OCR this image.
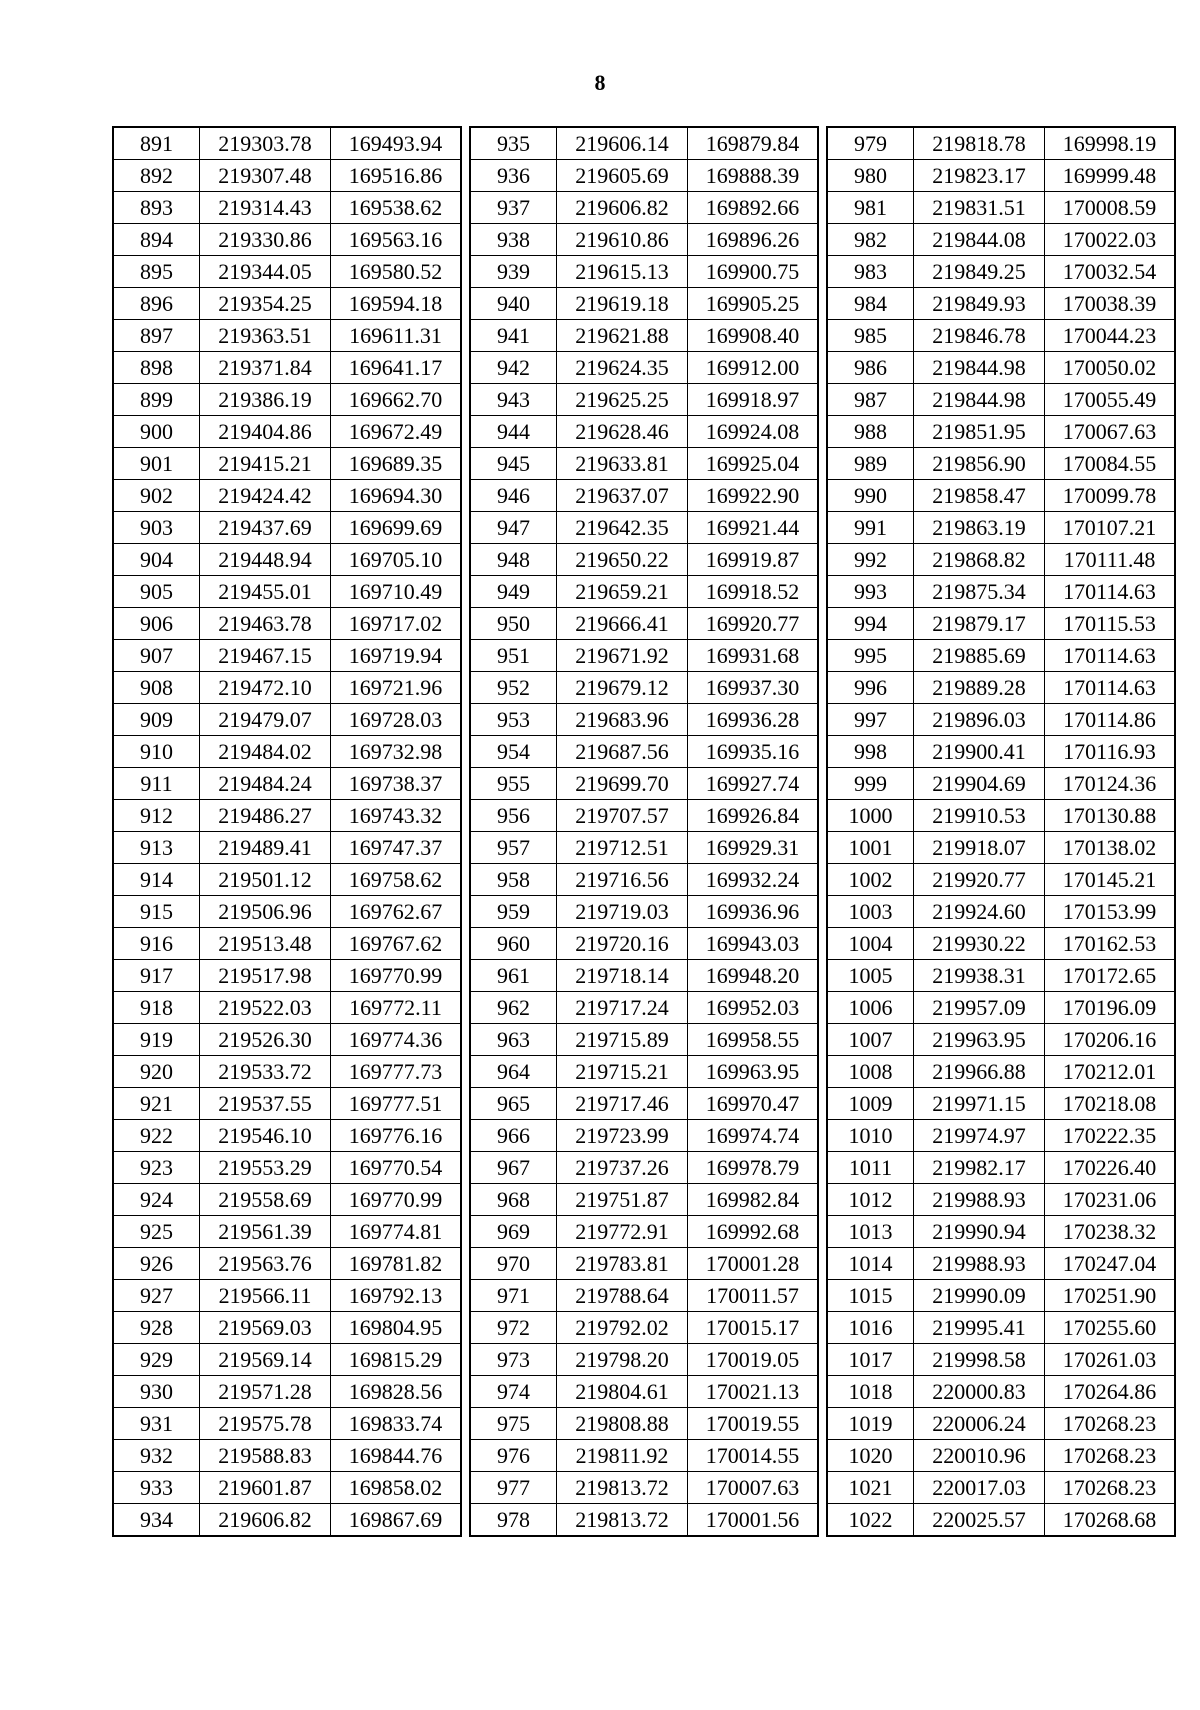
8
891	219303.78	169493.94
892	219307.48	169516.86
893	219314.43	169538.62
894	219330.86	169563.16
895	219344.05	169580.52
896	219354.25	169594.18
897	219363.51	169611.31
898	219371.84	169641.17
899	219386.19	169662.70
900	219404.86	169672.49
901	219415.21	169689.35
902	219424.42	169694.30
903	219437.69	169699.69
904	219448.94	169705.10
905	219455.01	169710.49
906	219463.78	169717.02
907	219467.15	169719.94
908	219472.10	169721.96
909	219479.07	169728.03
910	219484.02	169732.98
911	219484.24	169738.37
912	219486.27	169743.32
913	219489.41	169747.37
914	219501.12	169758.62
915	219506.96	169762.67
916	219513.48	169767.62
917	219517.98	169770.99
918	219522.03	169772.11
919	219526.30	169774.36
920	219533.72	169777.73
921	219537.55	169777.51
922	219546.10	169776.16
923	219553.29	169770.54
924	219558.69	169770.99
925	219561.39	169774.81
926	219563.76	169781.82
927	219566.11	169792.13
928	219569.03	169804.95
929	219569.14	169815.29
930	219571.28	169828.56
931	219575.78	169833.74
932	219588.83	169844.76
933	219601.87	169858.02
934	219606.82	169867.69
935	219606.14	169879.84
936	219605.69	169888.39
937	219606.82	169892.66
938	219610.86	169896.26
939	219615.13	169900.75
940	219619.18	169905.25
941	219621.88	169908.40
942	219624.35	169912.00
943	219625.25	169918.97
944	219628.46	169924.08
945	219633.81	169925.04
946	219637.07	169922.90
947	219642.35	169921.44
948	219650.22	169919.87
949	219659.21	169918.52
950	219666.41	169920.77
951	219671.92	169931.68
952	219679.12	169937.30
953	219683.96	169936.28
954	219687.56	169935.16
955	219699.70	169927.74
956	219707.57	169926.84
957	219712.51	169929.31
958	219716.56	169932.24
959	219719.03	169936.96
960	219720.16	169943.03
961	219718.14	169948.20
962	219717.24	169952.03
963	219715.89	169958.55
964	219715.21	169963.95
965	219717.46	169970.47
966	219723.99	169974.74
967	219737.26	169978.79
968	219751.87	169982.84
969	219772.91	169992.68
970	219783.81	170001.28
971	219788.64	170011.57
972	219792.02	170015.17
973	219798.20	170019.05
974	219804.61	170021.13
975	219808.88	170019.55
976	219811.92	170014.55
977	219813.72	170007.63
978	219813.72	170001.56
979	219818.78	169998.19
980	219823.17	169999.48
981	219831.51	170008.59
982	219844.08	170022.03
983	219849.25	170032.54
984	219849.93	170038.39
985	219846.78	170044.23
986	219844.98	170050.02
987	219844.98	170055.49
988	219851.95	170067.63
989	219856.90	170084.55
990	219858.47	170099.78
991	219863.19	170107.21
992	219868.82	170111.48
993	219875.34	170114.63
994	219879.17	170115.53
995	219885.69	170114.63
996	219889.28	170114.63
997	219896.03	170114.86
998	219900.41	170116.93
999	219904.69	170124.36
1000	219910.53	170130.88
1001	219918.07	170138.02
1002	219920.77	170145.21
1003	219924.60	170153.99
1004	219930.22	170162.53
1005	219938.31	170172.65
1006	219957.09	170196.09
1007	219963.95	170206.16
1008	219966.88	170212.01
1009	219971.15	170218.08
1010	219974.97	170222.35
1011	219982.17	170226.40
1012	219988.93	170231.06
1013	219990.94	170238.32
1014	219988.93	170247.04
1015	219990.09	170251.90
1016	219995.41	170255.60
1017	219998.58	170261.03
1018	220000.83	170264.86
1019	220006.24	170268.23
1020	220010.96	170268.23
1021	220017.03	170268.23
1022	220025.57	170268.68
